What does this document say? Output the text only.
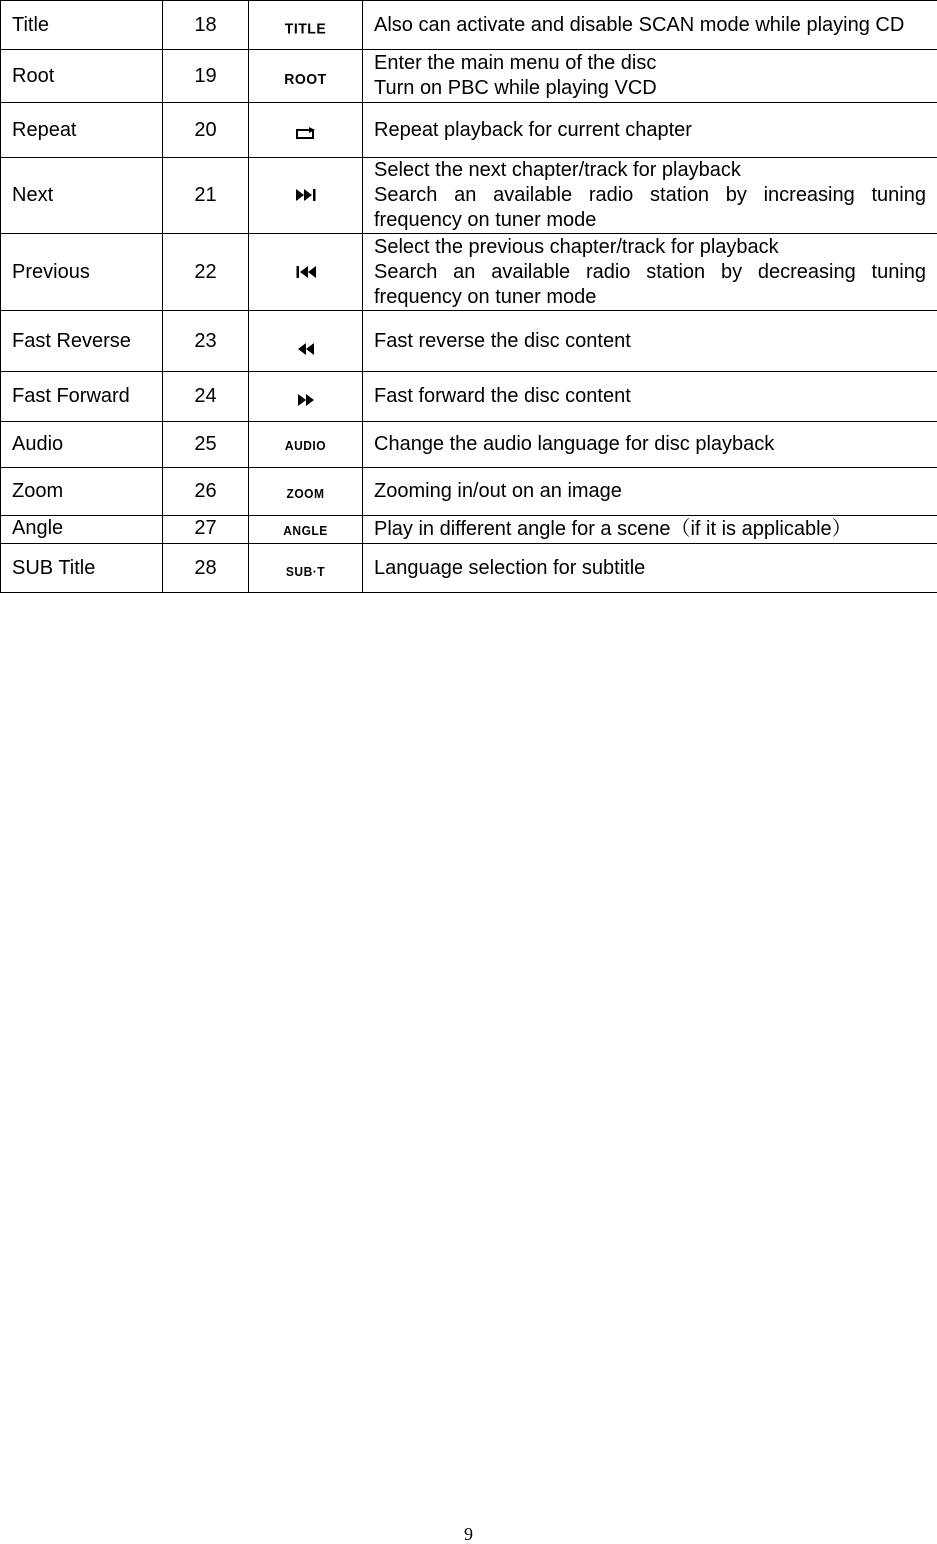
Title	18	TITLE	Also can activate and disable SCAN mode while playing CD

Root	19	ROOT	Enter the main menu of the disc
Turn on PBC while playing VCD

Repeat	20		Repeat playback for current chapter

Next	21		Select the next chapter/track for playback
Search an available radio station by increasing tuning frequency on tuner mode

Previous	22		Select the previous chapter/track for playback
Search an available radio station by decreasing tuning frequency on tuner mode

Fast Reverse	23		Fast reverse the disc content

Fast Forward	24		Fast forward the disc content

Audio	25	AUDIO	Change the audio language for disc playback

Zoom	26	ZOOM	Zooming in/out on an image

Angle	27	ANGLE	Play in different angle for a scene（if it is applicable）

SUB Title	28	SUB·T	Language selection for subtitle
9
